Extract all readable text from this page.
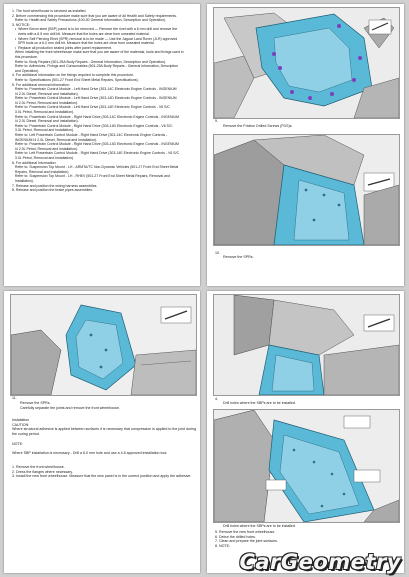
1. The front wheelhouse is serviced as installed.
2. Before commencing this procedure make sure that you are aware of all Health and Safety requirements.
Refer to: Health and Safety Precautions (100-00 General Information, Description and Operation).
3. NOTICE:
•  Where Boron steel (BSP) panel is to be removed — Remove the rivet with a 6 mm drill and remove the
rivets with a 6.5 mm drill bit. Measure that the holes are clear from unsealed material.
•  Where Self Piercing Rivet (SPR) removal is to be made — Use the Jaguar Land Rover (JLR) approved
SPR tools on a 6.0 mm drill bit. Measure that the holes are clear from unsealed material.
•  Replace all production sealed joints after panel replacement.
When installing the front wheelhouse make sure that you are aware of the materials, tools and fixings used in
this procedure.
Refer to: Body Repairs (501-25A Body Repairs - General Information, Description and Operation).
Refer to: Adhesives, Fixings and Consumables (501-25A Body Repairs - General Information, Description
and Operation).
4. For additional information on the fixings required to complete this procedure.
Refer to: Specifications (501-27 Front End Sheet Metal Repairs, Specifications).
5. For additional removal information:
Refer to: Powertrain Control Module - Left Hand Drive (303-14C Electronic Engine Controls - INGENIUM
I4 2.0L Diesel, Removal and Installation).
Refer to: Powertrain Control Module - Left Hand Drive (303-14D Electronic Engine Controls - INGENIUM
I4 2.0L Petrol, Removal and Installation).
Refer to: Powertrain Control Module - Left Hand Drive (303-14E Electronic Engine Controls - V6 S/C
3.0L Petrol, Removal and Installation).
Refer to: Powertrain Control Module - Right Hand Drive (303-14C Electronic Engine Controls - INGENIUM
I4 2.0L Diesel, Removal and Installation).
Refer to: Powertrain Control Module - Right Hand Drive (303-14D Electronic Engine Controls - V6 S/C
3.0L Petrol, Removal and Installation).
Refer to: Left Powertrain Control Module - Right Hand Drive (303-14C Electronic Engine Controls -
INGENIUM I4 2.0L Diesel, Removal and Installation).
Refer to: Powertrain Control Module - Right Hand Drive (303-14D Electronic Engine Controls - INGENIUM
I4 2.0L Petrol, Removal and Installation).
Refer to: Left Powertrain Control Module - Right Hand Drive (303-14E Electronic Engine Controls - V6 S/C
3.0L Petrol, Removal and Installation).
6. For additional information:
Refer to: Suspension Top Mount - LH - ARMTA/TC Non-Dynamic Vehicles (501-27 Front End Sheet Metal
Repairs, Removal and Installation).
Refer to: Suspension Top Mount - LH - RHEV (501-27 Front End Sheet Metal Repairs, Removal and
Installation).
7. Release and position the wiring harness assemblies.
8. Release and position the brake pipes assemblies.
9.
Remove the Friction Drilled Screws (FDS)s.
10.
Remove the SPRs.
11.
Remove the SPRs.
Carefully separate the joints and remove the front wheelhouse.
Installation
CAUTION:
Where structural adhesive is applied between surfaces it is necessary that compression is applied to the joint during
the curing period.

NOTE:

Where SBP installation is necessary - Drill a 6.0 mm hole and use a 4.8 approved installation tool.

1. Remove the front wheelhouse.
2. Dress the flanges where necessary.
3. Install the new front wheelhouse. Measure that the new panel is in the correct position and apply the adhesive.
4.
Drill holes where the SBPs are to be installed.
Drill holes where the SBPs are to be installed.
5. Remove the new front wheelhouse.
6. Debur the drilled holes.
7. Clean and prepare the joint surfaces.
8. NOTE:
CarGeometry
